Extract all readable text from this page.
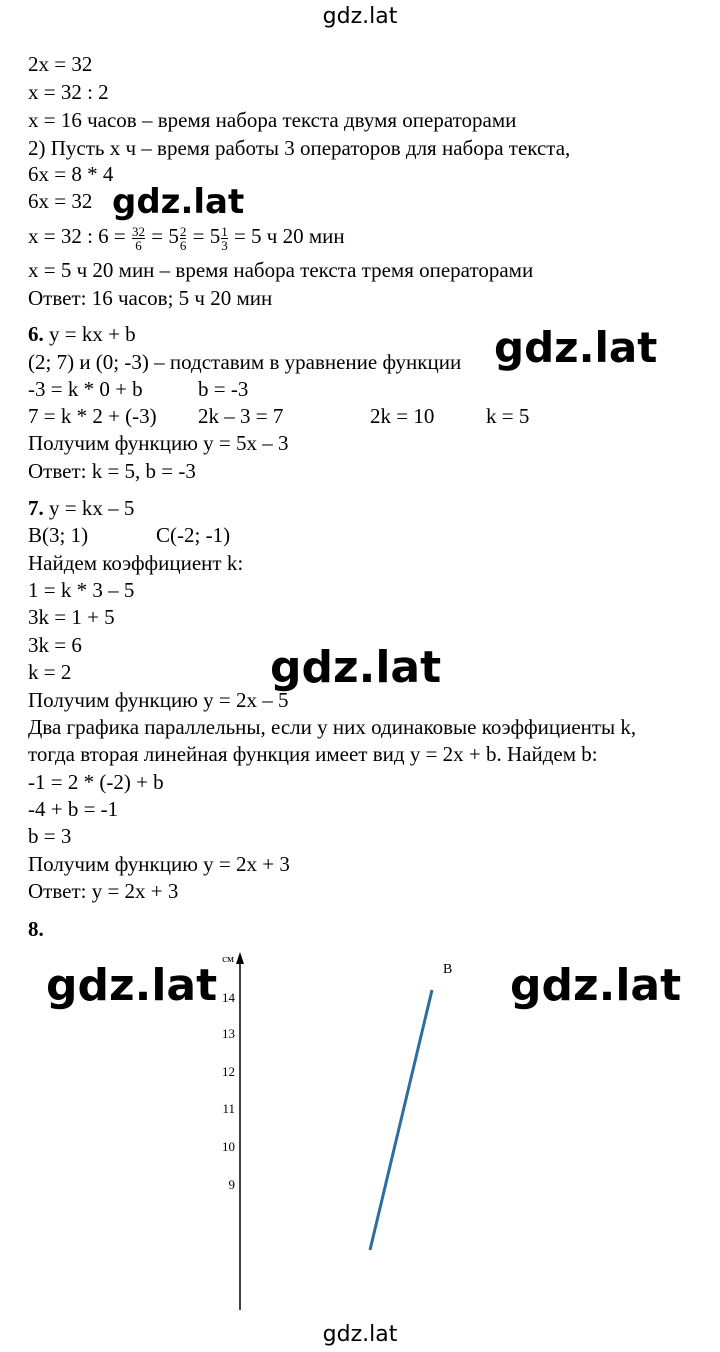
gdz.lat
2x = 32
x = 32 : 2
x = 16 часов – время набора текста двумя операторами
2) Пусть x ч – время работы 3 операторов для набора текста,
6x = 8 * 4
6x = 32
x = 32 : $6 = \frac{32}{6} = 5 \frac{2}{6} = 5 \frac{1}{3} = 5$ ч 20 мин
x = 5 ч 20 мин – время набора текста тремя операторами
Ответ: 16 часов; 5 ч 20 мин
6. y = kx + b
(2; 7) и (0; -3) – подставим в уравнение функции
-3 = k * 0 + b	b = -3
7 = k * 2 + (-3) 2k – 3 = 7	2k = 10 k = 5
Получим функцию y = 5x – 3
Ответ: k = 5, b = -3
7. y = kx – 5
B(3; 1)	C(-2; -1)
Найдем коэффициент k:
1 = k * 3 – 5
3k = 1 + 5
3k = 6
k = 2
Получим функцию y = 2x – 5
Два графика параллельны, если у них одинаковые коэффициенты k,
тогда вторая линейная функция имеет вид y = 2x + b. Найдем b:
-1 = 2 * (-2) + b
-4 + b = -1
b = 3
Получим функцию y = 2x + 3
Ответ: y = 2x + 3
8.
см
14
13
12
11
10
9
B
gdz.lat
gdz.lat
gdz.lat
gdz.lat	gdz.lat
gdz.lat
